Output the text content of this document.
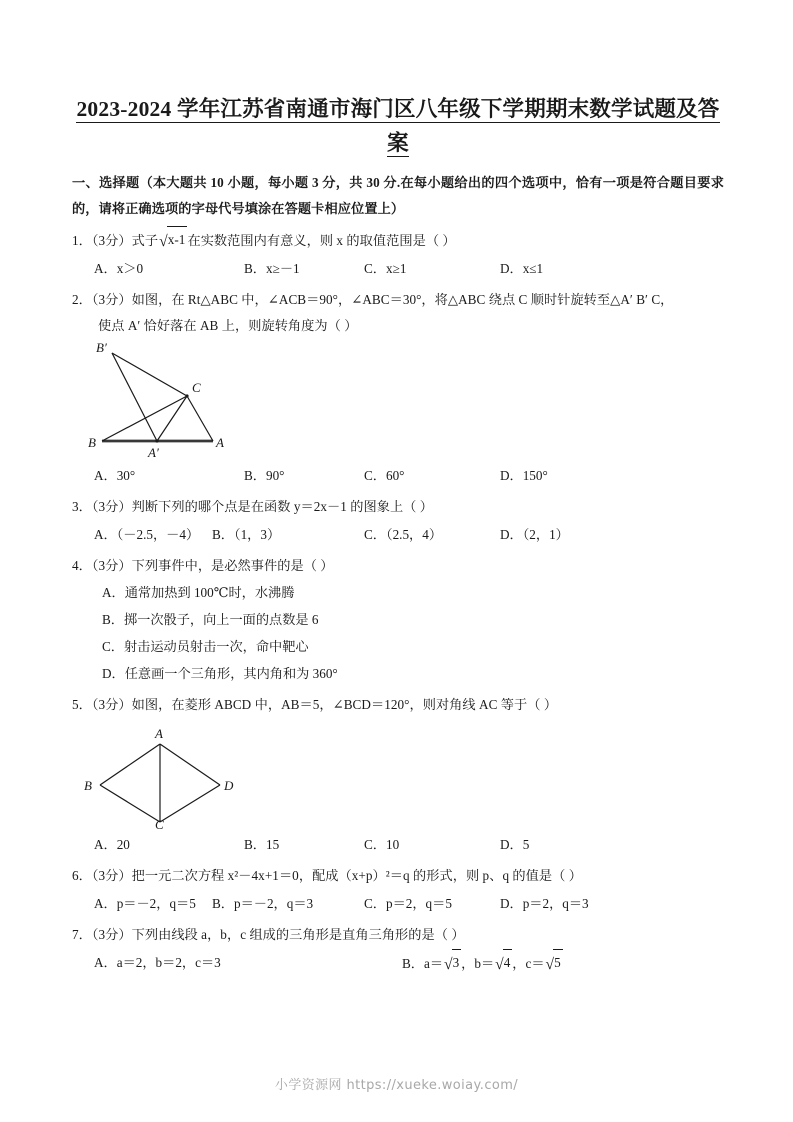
2023-2024 学年江苏省南通市海门区八年级下学期期末数学试题及答
案
一、选择题（本大题共 10 小题，每小题 3 分，共 30 分.在每小题给出的四个选项中，恰有一项是符合题目要求的，请将正确选项的字母代号填涂在答题卡相应位置上）
1．（3分）式子√x-1 在实数范围内有意义，则 x 的取值范围是（ ）
A．x＞0	B．x≥－1	C．x≥1	D．x≤1
2．（3分）如图，在 Rt△ABC 中，∠ACB＝90°，∠ABC＝30°，将△ABC 绕点 C 顺时针旋转至△A′ B′ C，
使点 A′ 恰好落在 AB 上，则旋转角度为（ ）
B′
C
B
A′
A
A．30°	B．90°	C．60°	D．150°
3．（3分）判断下列的哪个点是在函数 y＝2x－1 的图象上（ ）
A．（－2.5，－4） B．（1，3）	C．（2.5，4）	D．（2，1）
4．（3分）下列事件中，是必然事件的是（ ）
A．通常加热到 100℃时，水沸腾
B．掷一次骰子，向上一面的点数是 6
C．射击运动员射击一次，命中靶心
D．任意画一个三角形，其内角和为 360°
5．（3分）如图，在菱形 ABCD 中，AB＝5，∠BCD＝120°，则对角线 AC 等于（ ）
A
B	D
C
A．20	B．15	C．10	D．5
6．（3分）把一元二次方程 x²－4x+1＝0，配成（x+p）²＝q 的形式，则 p、q 的值是（ ）
A．p＝－2，q＝5 B．p＝－2，q＝3	C．p＝2，q＝5	D．p＝2，q＝3
7．（3分）下列由线段 a，b，c 组成的三角形是直角三角形的是（ ）
A．a＝2，b＝2，c＝3	B．a＝√3 ，b＝√4 ，c＝√5
小学资源网 https://xueke.woiay.com/
